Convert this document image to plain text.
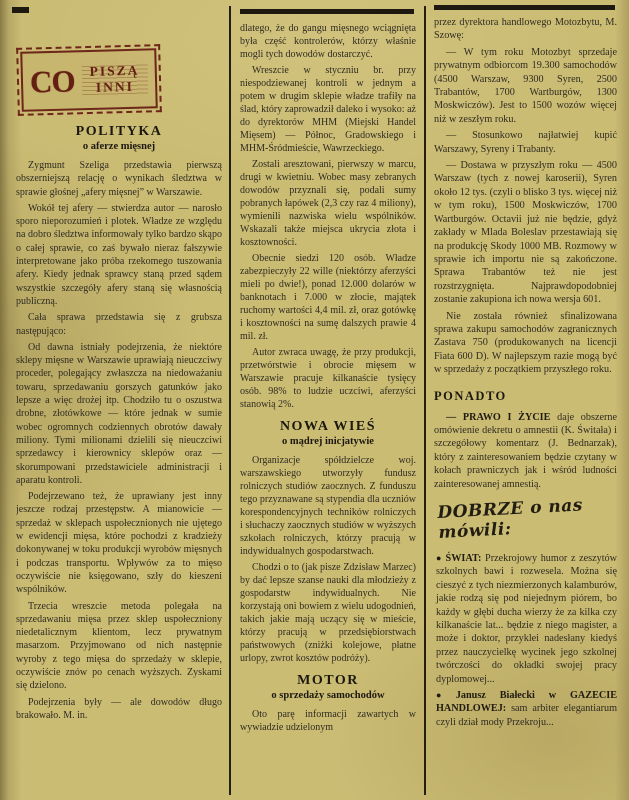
CO	PISZĄ
INNI
POLITYKA
o aferze mięsnej
Zygmunt Szeliga przedstawia pierwszą obszerniejszą relację o wynikach śledztwa w sprawie głośnej „afery mięsnej” w Warszawie.
Wokół tej afery — stwierdza autor — narosło sporo nieporozumień i plotek. Władze ze względu na dobro śledztwa informowały tylko bardzo skąpo o całej sprawie, co zaś bywało nieraz fałszywie interpretowane jako próba rzekomego tuszowania afery. Kiedy jednak sprawcy staną przed sądem wszystkie szczegóły afery staną się własnością publiczną.
Cała sprawa przedstawia się z grubsza następująco:
Od dawna istniały podejrzenia, że niektóre sklepy mięsne w Warszawie uprawiają nieuczciwy proceder, polegający zwłaszcza na niedoważaniu towaru, sprzedawaniu gorszych gatunków jako lepsze a więc drożej itp. Chodziło tu o oszustwa drobne, złotówkowe — które jednak w sumie wobec ogromnych codziennych obrotów dawały miliony. Tymi milionami dzielili się nieuczciwi sprzedawcy i kierownicy sklepów oraz — skorumpowani przedstawiciele administracji i aparatu kontroli.
Podejrzewano też, że uprawiany jest inny jeszcze rodzaj przestępstw. A mianowicie — sprzedaż w sklepach uspołecznionych nie ujętego w ewidencji mięsa, które pochodzi z kradzieży dokonywanej w toku produkcji wyrobów mięsnych i podczas transportu. Wpływów za to mięso oczywiście nie księgowano, szły do kieszeni wspólników.
Trzecia wreszcie metoda polegała na sprzedawaniu mięsa przez sklep uspołeczniony niedetalicznym klientom, lecz prywatnym masarzom. Przyjmowano od nich następnie wyroby z tego mięsa do sprzedaży w sklepie, oczywiście znów po cenach wyższych. Zyskami się dzielono.
Podejrzenia były — ale dowodów długo brakowało. M. in.
dlatego, że do gangu mięsnego wciągnięta była część kontrolerów, którzy właśnie mogli tych dowodów dostarczyć.
Wreszcie w styczniu br. przy niespodziewanej kontroli w jednym a potem w drugim sklepie władze trafiły na ślad, który zaprowadził daleko i wysoko: aż do dyrektorów MHM (Miejski Handel Mięsem) — Północ, Gradowskiego i MHM-Śródmieście, Wawrzeckiego.
Zostali aresztowani, pierwszy w marcu, drugi w kwietniu. Wobec masy zebranych dowodów przyznali się, podali sumy pobranych łapówek (2,3 czy raz 4 miliony), wymienili nazwiska wielu wspólników. Wskazali także miejsca ukrycia złota i kosztowności.
Obecnie siedzi 120 osób. Władze zabezpieczyły 22 wille (niektórzy aferzyści mieli po dwie!), ponad 12.000 dolarów w banknotach i 7.000 w złocie, majątek ruchomy wartości 4,4 mil. zł, oraz gotówkę i kosztowności na sumę dalszych prawie 4 mil. zł.
Autor zwraca uwagę, że przy produkcji, przetwórstwie i obrocie mięsem w Warszawie pracuje kilkanaście tysięcy osób. 98% to ludzie uczciwi, aferzyści stanowią 2%.
NOWA WIEŚ
o mądrej inicjatywie
Organizacje spółdzielcze woj. warszawskiego utworzyły fundusz rolniczych studiów zaocznych. Z funduszu tego przyznawane są stypendia dla uczniów korespondencyjnych techników rolniczych i słuchaczy zaocznych studiów w wyższych szkołach rolniczych, którzy pracują w indywidualnych gospodarstwach.
Chodzi o to (jak pisze Zdzisław Marzec) by dać lepsze szanse nauki dla młodzieży z gospodarstw indywidualnych. Nie korzystają oni bowiem z wielu udogodnień, takich jakie mają uczący się w mieście, którzy pracują w przedsiębiorstwach państwowych (zniżki kolejowe, płatne urlopy, zwrot kosztów podróży).
MOTOR
o sprzedaży samochodów
Oto parę informacji zawartych w wywiadzie udzielonym
przez dyrektora handlowego Motozbytu, M. Szowę:
— W tym roku Motozbyt sprzedaje prywatnym odbiorcom 19.300 samochodów (4500 Warszaw, 9300 Syren, 2500 Trabantów, 1700 Wartburgów, 1300 Moskwiczów). Jest to 1500 wozów więcej niż w zeszłym roku.
— Stosunkowo najłatwiej kupić Warszawy, Syreny i Trabanty.
— Dostawa w przyszłym roku — 4500 Warszaw (tych z nowej karoserii), Syren około 12 tys. (czyli o blisko 3 tys. więcej niż w tym roku), 1500 Moskwiczów, 1700 Wartburgów. Octavii już nie będzie, gdyż zakłady w Mlada Boleslav przestawiają się na produkcję Skody 1000 MB. Rozmowy w sprawie ich importu nie są zakończone. Sprawa Trabantów też nie jest rozstrzygnięta. Najprawdopodobniej zostanie zakupiona ich nowa wersja 601.
Nie została również sfinalizowana sprawa zakupu samochodów zagranicznych Zastava 750 (produkowanych na licencji Fiata 600 D). W najlepszym razie mogą być w sprzedaży z początkiem przyszłego roku.
PONADTO
— PRAWO I ŻYCIE daje obszerne omówienie dekretu o amnestii (K. Świtała) i szczegółowy komentarz (J. Bednarzak), który z zainteresowaniem będzie czytany w kołach prawniczych jak i wśród ludności zainteresowanej amnestią.
DOBRZE o nas mówili:
● ŚWIAT: Przekrojowy humor z zeszytów szkolnych bawi i rozwesela. Można się cieszyć z tych niezmierzonych kalamburów, jakie rodzą się pod niejednym piórem, bo każdy w głębi ducha wierzy że za kilka czy kilkanaście lat... będzie z niego magister, a może i doktor, przyklei nadesłany kiedyś przez nauczycielkę wycinek jego szkolnej twórczości do okładki swojej pracy dyplomowej...
● Janusz Białecki w GAZECIE HANDLOWEJ: sam arbiter elegantiarum czyli dział mody Przekroju...
